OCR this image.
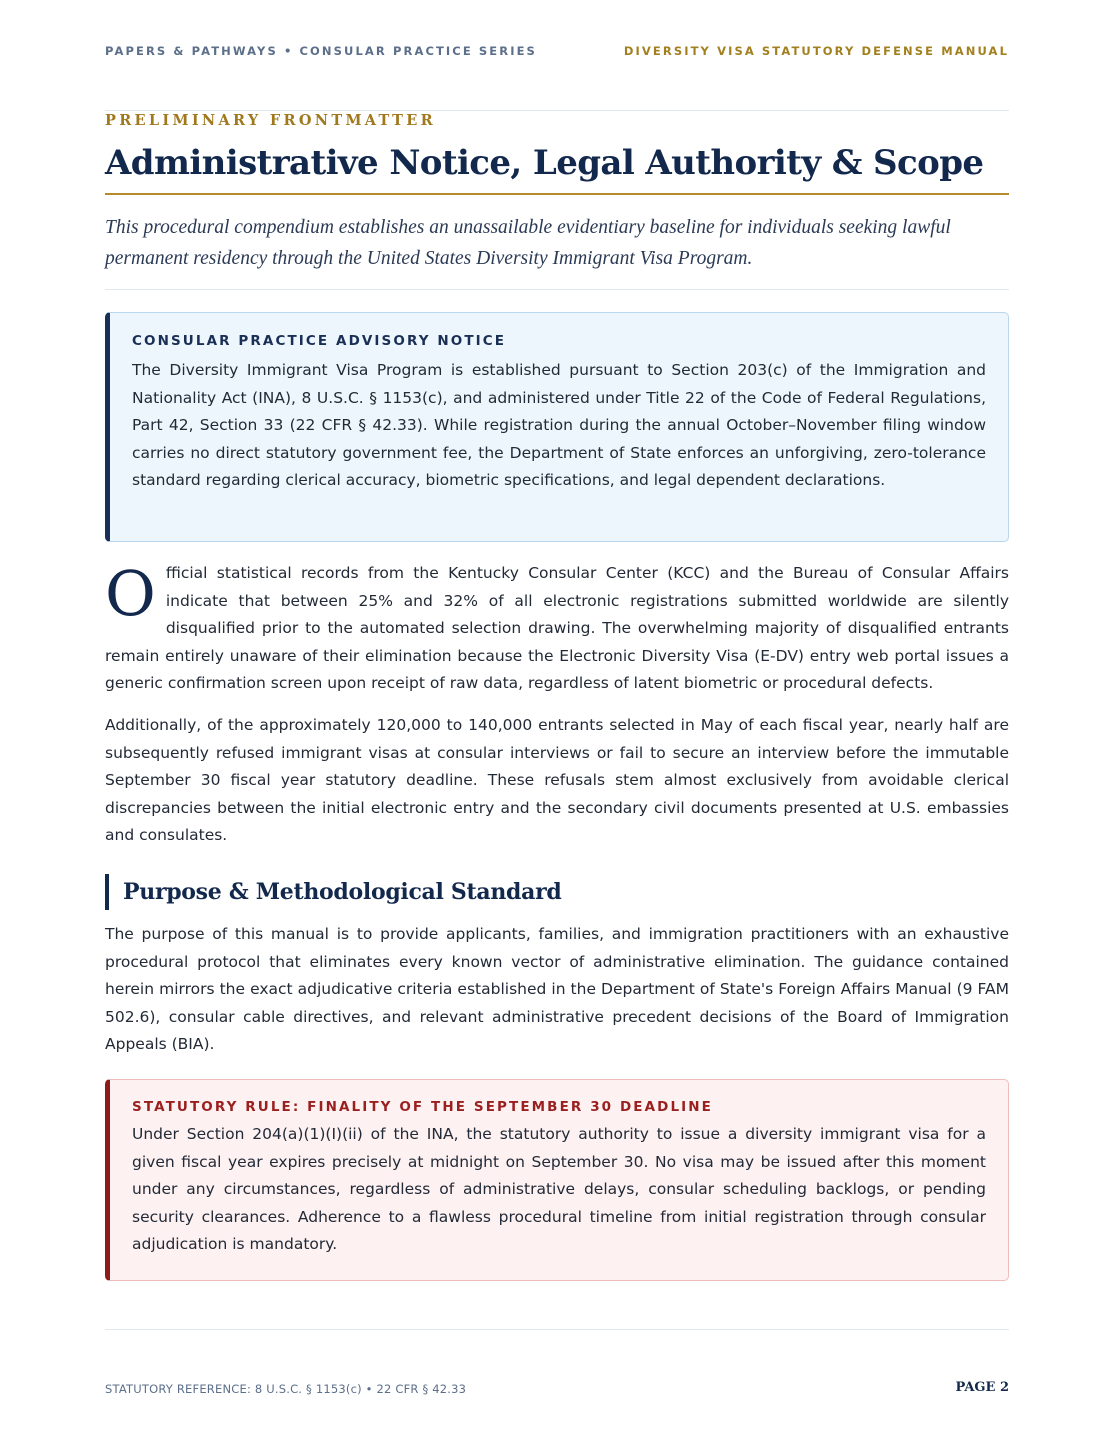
PAPERS & PATHWAYS • CONSULAR PRACTICE SERIES	DIVERSITY VISA STATUTORY DEFENSE MANUAL
PRELIMINARY FRONTMATTER
Administrative Notice, Legal Authority & Scope

This procedural compendium establishes an unassailable evidentiary baseline for individuals seeking lawful permanent residency through the United States Diversity Immigrant Visa Program.

CONSULAR PRACTICE ADVISORY NOTICE

The Diversity Immigrant Visa Program is established pursuant to Section 203(c) of the Immigration and Nationality Act (INA), 8 U.S.C. § 1153(c), and administered under Title 22 of the Code of Federal Regulations, Part 42, Section 33 (22 CFR § 42.33). While registration during the annual October–November filing window carries no direct statutory government fee, the Department of State enforces an unforgiving, zero-tolerance standard regarding clerical accuracy, biometric specifications, and legal dependent declarations.

Official statistical records from the Kentucky Consular Center (KCC) and the Bureau of Consular Affairs indicate that between 25% and 32% of all electronic registrations submitted worldwide are silently disqualified prior to the automated selection drawing. The overwhelming majority of disqualified entrants remain entirely unaware of their elimination because the Electronic Diversity Visa (E-DV) entry web portal issues a generic confirmation screen upon receipt of raw data, regardless of latent biometric or procedural defects.

Additionally, of the approximately 120,000 to 140,000 entrants selected in May of each fiscal year, nearly half are subsequently refused immigrant visas at consular interviews or fail to secure an interview before the immutable September 30 fiscal year statutory deadline. These refusals stem almost exclusively from avoidable clerical discrepancies between the initial electronic entry and the secondary civil documents presented at U.S. embassies and consulates.

Purpose & Methodological Standard

The purpose of this manual is to provide applicants, families, and immigration practitioners with an exhaustive procedural protocol that eliminates every known vector of administrative elimination. The guidance contained herein mirrors the exact adjudicative criteria established in the Department of State's Foreign Affairs Manual (9 FAM 502.6), consular cable directives, and relevant administrative precedent decisions of the Board of Immigration Appeals (BIA).

STATUTORY RULE: FINALITY OF THE SEPTEMBER 30 DEADLINE

Under Section 204(a)(1)(I)(ii) of the INA, the statutory authority to issue a diversity immigrant visa for a given fiscal year expires precisely at midnight on September 30. No visa may be issued after this moment under any circumstances, regardless of administrative delays, consular scheduling backlogs, or pending security clearances. Adherence to a flawless procedural timeline from initial registration through consular adjudication is mandatory.

STATUTORY REFERENCE: 8 U.S.C. § 1153(c) • 22 CFR § 42.33	PAGE 2
